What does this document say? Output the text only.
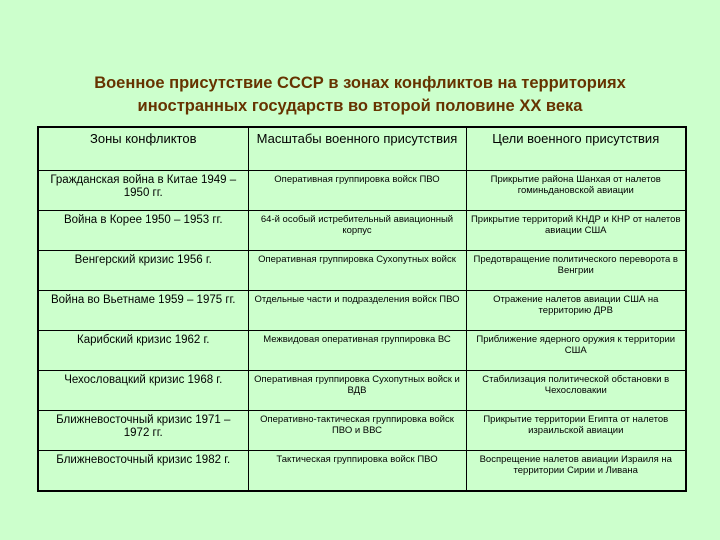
Военное присутствие СССР в зонах конфликтов на территориях
иностранных государств во второй половине XX века
Зоны конфликтов	Масштабы военного присутствия	Цели военного присутствия
Гражданская война в Китае 1949 – 1950 гг.	Оперативная группировка войск ПВО	Прикрытие района Шанхая от налетов гоминьдановской авиации
Война в Корее 1950 – 1953 гг.	64-й особый истребительный авиационный корпус	Прикрытие территорий КНДР и КНР от налетов авиации США
Венгерский кризис 1956 г.	Оперативная группировка Сухопутных войск	Предотвращение политического переворота в Венгрии
Война во Вьетнаме 1959 – 1975 гг.	Отдельные части и подразделения войск ПВО	Отражение налетов авиации США на территорию ДРВ
Карибский кризис 1962 г.	Межвидовая оперативная группировка ВС	Приближение ядерного оружия к территории США
Чехословацкий кризис 1968 г.	Оперативная группировка Сухопутных войск и ВДВ	Стабилизация политической обстановки в Чехословакии
Ближневосточный кризис 1971 – 1972 гг.	Оперативно-тактическая группировка войск ПВО и ВВС	Прикрытие территории Египта от налетов израильской авиации
Ближневосточный кризис 1982 г.	Тактическая группировка войск ПВО	Воспрещение налетов авиации Израиля на территории Сирии и Ливана
